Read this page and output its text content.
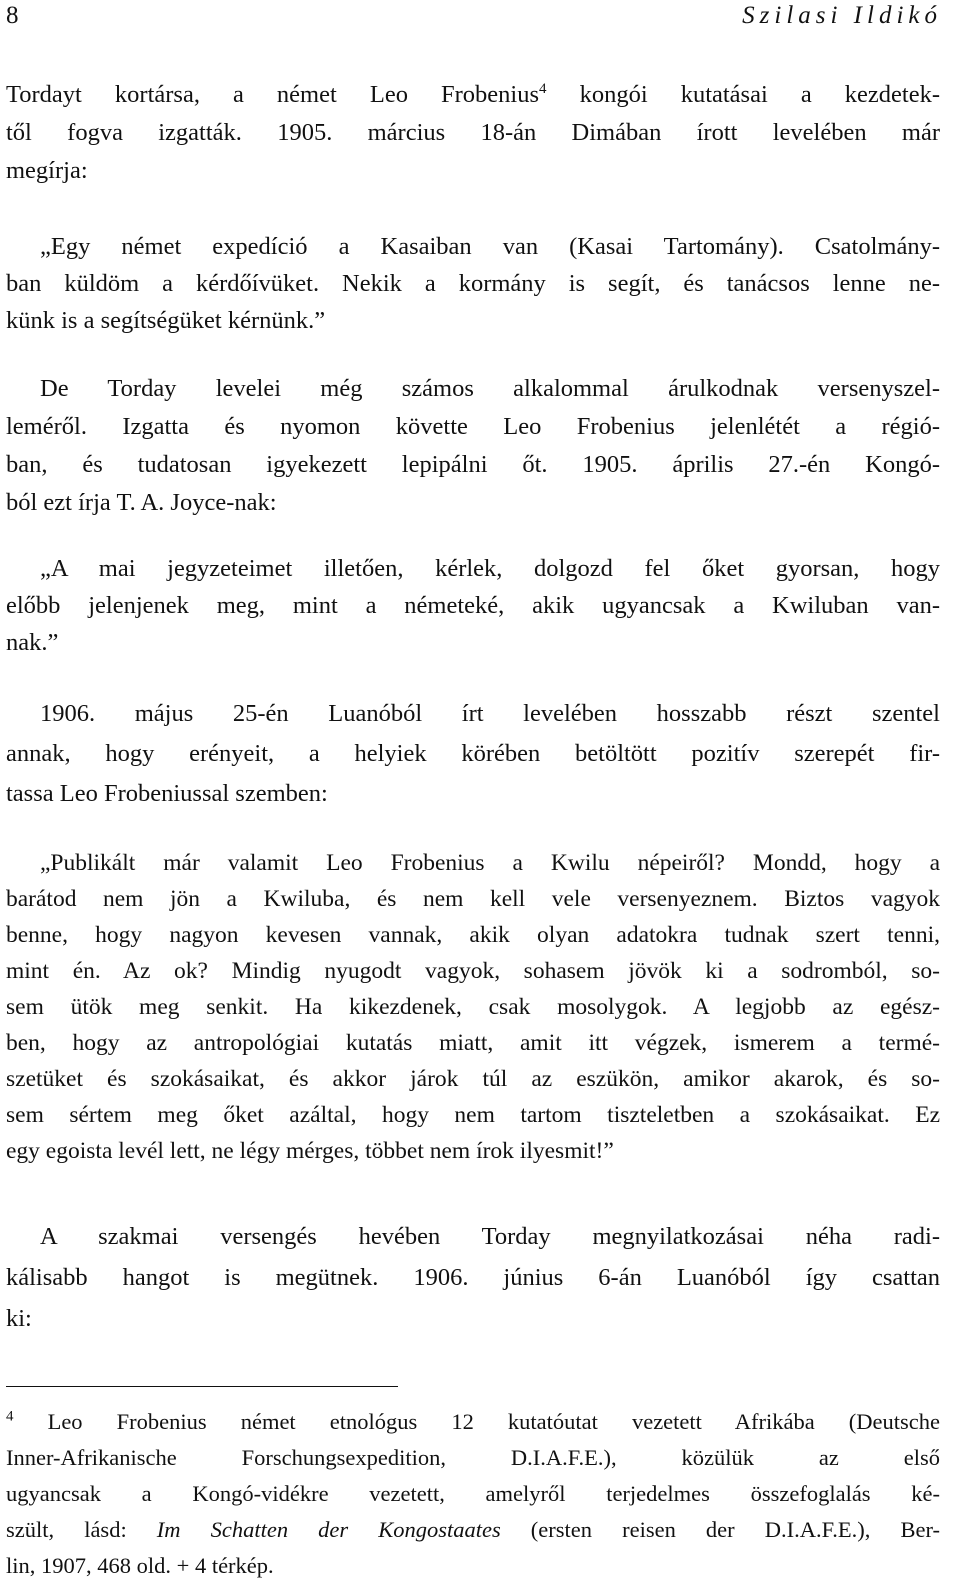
8	Szilasi Ildikó
Tordayt kortársa, a német Leo Frobenius$^4$ kongói kutatásai a kezdetek-
től fogva izgatták. 1905. március 18-án Dimában írott levelében már
megírja:
„Egy német expedíció a Kasaiban van (Kasai Tartomány). Csatolmány-
ban küldöm a kérdőívüket. Nekik a kormány is segít, és tanácsos lenne ne-
künk is a segítségüket kérnünk.”
De Torday levelei még számos alkalommal árulkodnak versenyszel-
leméről. Izgatta és nyomon követte Leo Frobenius jelenlétét a régió-
ban, és tudatosan igyekezett lepipálni őt. 1905. április 27.-én Kongó-
ból ezt írja T. A. Joyce-nak:
„A mai jegyzeteimet illetően, kérlek, dolgozd fel őket gyorsan, hogy
előbb jelenjenek meg, mint a németeké, akik ugyancsak a Kwiluban van-
nak.”
1906. május 25-én Luanóból írt levelében hosszabb részt szentel
annak, hogy erényeit, a helyiek körében betöltött pozitív szerepét fir-
tassa Leo Frobeniussal szemben:
„Publikált már valamit Leo Frobenius a Kwilu népeiről? Mondd, hogy a
barátod nem jön a Kwiluba, és nem kell vele versenyeznem. Biztos vagyok
benne, hogy nagyon kevesen vannak, akik olyan adatokra tudnak szert tenni,
mint én. Az ok? Mindig nyugodt vagyok, sohasem jövök ki a sodromból, so-
sem ütök meg senkit. Ha kikezdenek, csak mosolygok. A legjobb az egész-
ben, hogy az antropológiai kutatás miatt, amit itt végzek, ismerem a termé-
szetüket és szokásaikat, és akkor járok túl az eszükön, amikor akarok, és so-
sem sértem meg őket azáltal, hogy nem tartom tiszteletben a szokásaikat. Ez
egy egoista levél lett, ne légy mérges, többet nem írok ilyesmit!”
A szakmai versengés hevében Torday megnyilatkozásai néha radi-
kálisabb hangot is megütnek. 1906. június 6-án Luanóból így csattan
ki:
$^4$ Leo Frobenius német etnológus 12 kutatóutat vezetett Afrikába (Deutsche
Inner-Afrikanische Forschungsexpedition, D.I.A.F.E.), közülük az első
ugyancsak a Kongó-vidékre vezetett, amelyről terjedelmes összefoglalás ké-
szült, lásd: Im Schatten der Kongostaates (ersten reisen der D.I.A.F.E.), Ber-
lin, 1907, 468 old. + 4 térkép.
